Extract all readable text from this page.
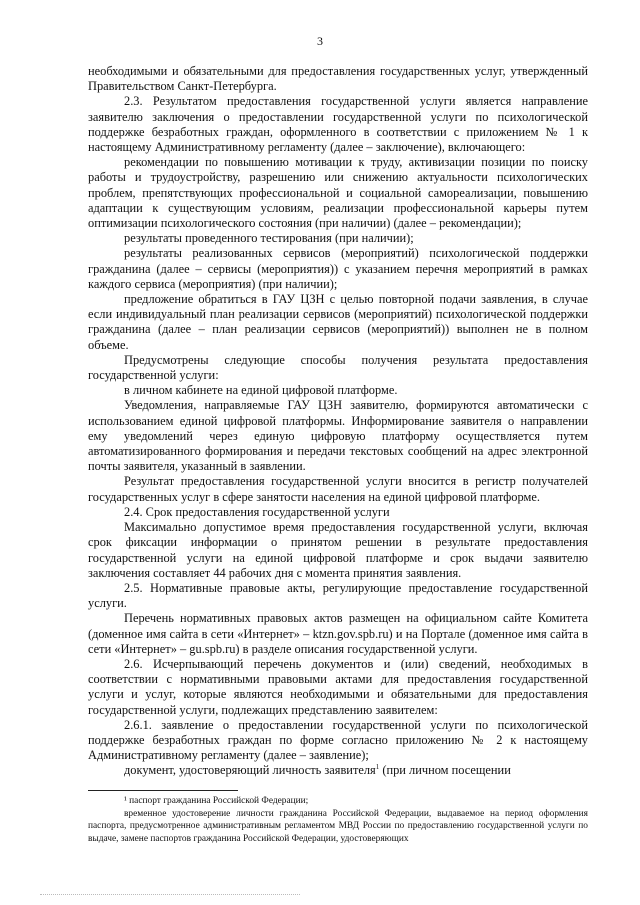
3

необходимыми и обязательными для предоставления государственных услуг, утвержденный Правительством Санкт-Петербурга.

2.3. Результатом предоставления государственной услуги является направление заявителю заключения о предоставлении государственной услуги по психологической поддержке безработных граждан, оформленного в соответствии с приложением № 1 к настоящему Административному регламенту (далее – заключение), включающего:

рекомендации по повышению мотивации к труду, активизации позиции по поиску работы и трудоустройству, разрешению или снижению актуальности психологических проблем, препятствующих профессиональной и социальной самореализации, повышению адаптации к существующим условиям, реализации профессиональной карьеры путем оптимизации психологического состояния (при наличии) (далее – рекомендации);

результаты проведенного тестирования (при наличии);

результаты реализованных сервисов (мероприятий) психологической поддержки гражданина (далее – сервисы (мероприятия)) с указанием перечня мероприятий в рамках каждого сервиса (мероприятия) (при наличии);

предложение обратиться в ГАУ ЦЗН с целью повторной подачи заявления, в случае если индивидуальный план реализации сервисов (мероприятий) психологической поддержки гражданина (далее – план реализации сервисов (мероприятий)) выполнен не в полном объеме.

Предусмотрены следующие способы получения результата предоставления государственной услуги:

в личном кабинете на единой цифровой платформе.

Уведомления, направляемые ГАУ ЦЗН заявителю, формируются автоматически с использованием единой цифровой платформы. Информирование заявителя о направлении ему уведомлений через единую цифровую платформу осуществляется путем автоматизированного формирования и передачи текстовых сообщений на адрес электронной почты заявителя, указанный в заявлении.

Результат предоставления государственной услуги вносится в регистр получателей государственных услуг в сфере занятости населения на единой цифровой платформе.

2.4. Срок предоставления государственной услуги

Максимально допустимое время предоставления государственной услуги, включая срок фиксации информации о принятом решении в результате предоставления государственной услуги на единой цифровой платформе и срок выдачи заявителю заключения составляет 44 рабочих дня с момента принятия заявления.

2.5. Нормативные правовые акты, регулирующие предоставление государственной услуги.

Перечень нормативных правовых актов размещен на официальном сайте Комитета (доменное имя сайта в сети «Интернет» – ktzn.gov.spb.ru) и на Портале (доменное имя сайта в сети «Интернет» – gu.spb.ru) в разделе описания государственной услуги.

2.6. Исчерпывающий перечень документов и (или) сведений, необходимых в соответствии с нормативными правовыми актами для предоставления государственной услуги и услуг, которые являются необходимыми и обязательными для предоставления государственной услуги, подлежащих представлению заявителем:

2.6.1. заявление о предоставлении государственной услуги по психологической поддержке безработных граждан по форме согласно приложению № 2 к настоящему Административному регламенту (далее – заявление);

документ, удостоверяющий личность заявителя$^1$ (при личном посещении

¹ паспорт гражданина Российской Федерации;

временное удостоверение личности гражданина Российской Федерации, выдаваемое на период оформления паспорта, предусмотренное административным регламентом МВД России по предоставлению государственной услуги по выдаче, замене паспортов гражданина Российской Федерации, удостоверяющих
